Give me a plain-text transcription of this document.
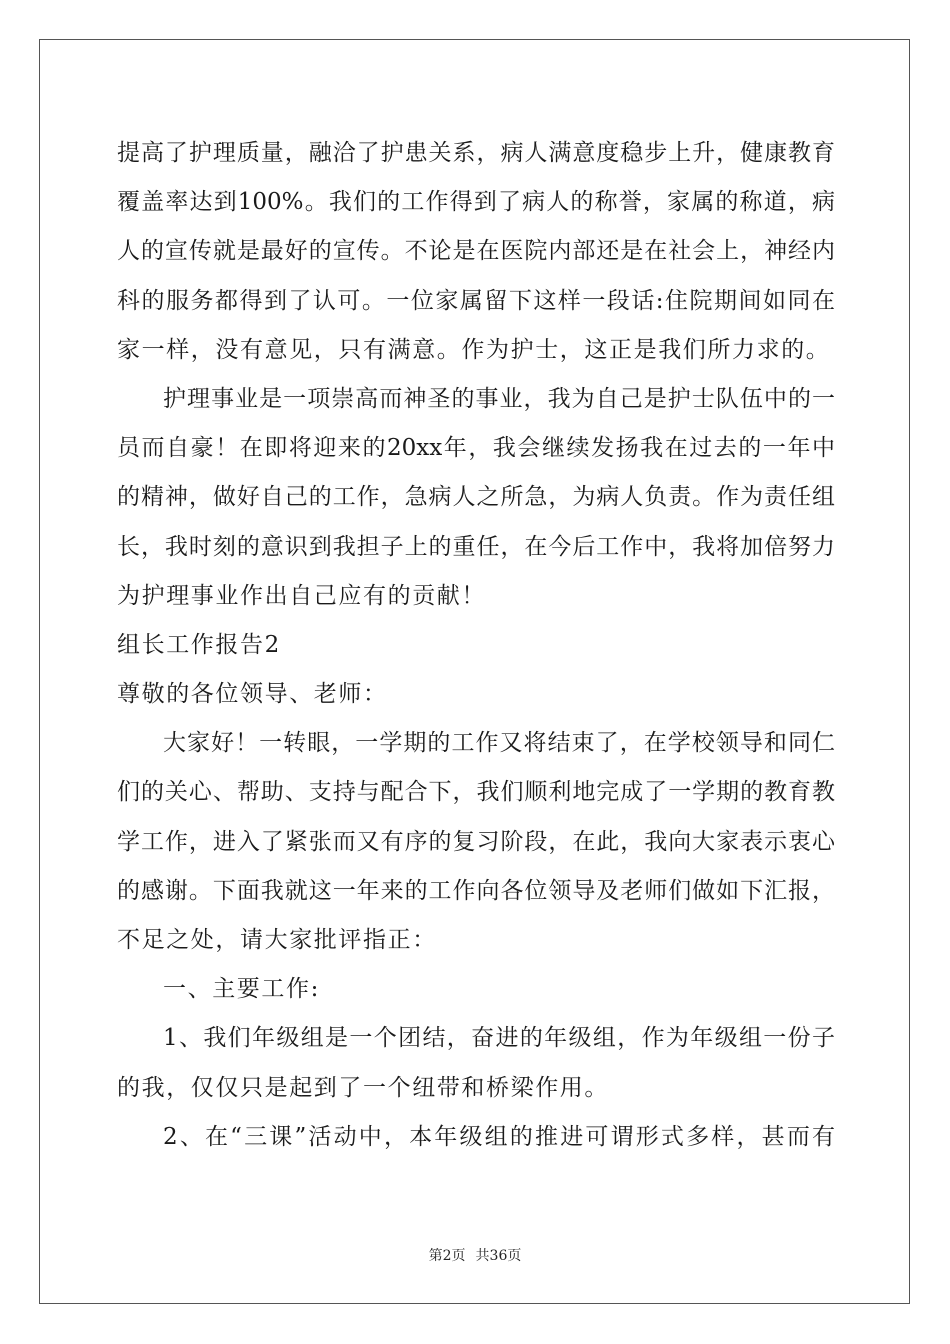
提高了护理质量，融洽了护患关系，病人满意度稳步上升，健康教育
覆盖率达到100%。我们的工作得到了病人的称誉，家属的称道，病
人的宣传就是最好的宣传。不论是在医院内部还是在社会上，神经内
科的服务都得到了认可。一位家属留下这样一段话:住院期间如同在
家一样，没有意见，只有满意。作为护士，这正是我们所力求的。
护理事业是一项崇高而神圣的事业，我为自己是护士队伍中的一
员而自豪！在即将迎来的20xx年，我会继续发扬我在过去的一年中
的精神，做好自己的工作，急病人之所急，为病人负责。作为责任组
长，我时刻的意识到我担子上的重任，在今后工作中，我将加倍努力
为护理事业作出自己应有的贡献！
组长工作报告2
尊敬的各位领导、老师：
大家好！一转眼，一学期的工作又将结束了，在学校领导和同仁
们的关心、帮助、支持与配合下，我们顺利地完成了一学期的教育教
学工作，进入了紧张而又有序的复习阶段，在此，我向大家表示衷心
的感谢。下面我就这一年来的工作向各位领导及老师们做如下汇报，
不足之处，请大家批评指正：
一、主要工作:
1、我们年级组是一个团结，奋进的年级组，作为年级组一份子
的我，仅仅只是起到了一个纽带和桥梁作用。
2、在“三课”活动中，本年级组的推进可谓形式多样，甚而有
第2页 共36页
